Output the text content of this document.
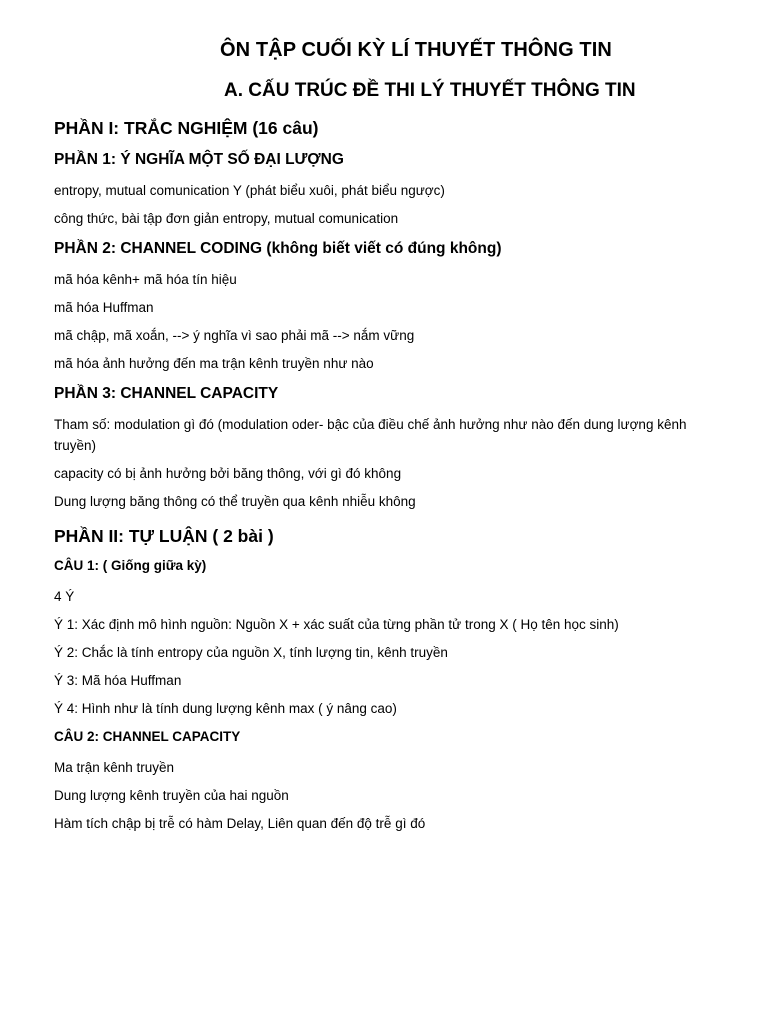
ÔN TẬP CUỐI KỲ LÍ THUYẾT THÔNG TIN
A. CẤU TRÚC ĐỀ THI LÝ THUYẾT THÔNG TIN
PHẦN I: TRẮC NGHIỆM (16 câu)
PHẦN 1: Ý NGHĨA MỘT SỐ ĐẠI LƯỢNG
entropy, mutual comunication Y (phát biểu xuôi, phát biểu ngược)
công thức, bài tập đơn giản entropy, mutual comunication
PHẦN 2: CHANNEL CODING (không biết viết có đúng không)
mã hóa kênh+ mã hóa tín hiệu
mã hóa Huffman
mã chập, mã xoắn, --> ý nghĩa vì sao phải mã --> nắm vững
mã hóa ảnh hưởng đến ma trận kênh truyền như nào
PHẦN 3: CHANNEL CAPACITY
Tham số: modulation gì đó (modulation oder- bậc của điều chế ảnh hưởng như nào đến dung lượng kênh truyền)
capacity có bị ảnh hưởng bởi băng thông, với gì đó không
Dung lượng băng thông có thể truyền qua kênh nhiễu không
PHẦN II: TỰ LUẬN ( 2 bài )
CÂU 1: ( Giống giữa kỳ)
4 Ý
Ý 1: Xác định mô hình nguồn: Nguồn X + xác suất của từng phần tử trong X ( Họ tên học sinh)
Ý 2: Chắc là tính entropy của nguồn X, tính lượng tin, kênh truyền
Ý 3: Mã hóa Huffman
Ý 4: Hình như là tính dung lượng kênh max ( ý nâng cao)
CÂU 2: CHANNEL CAPACITY
Ma trận kênh truyền
Dung lượng kênh truyền của hai nguồn
Hàm tích chập bị trễ có hàm Delay, Liên quan đến độ trễ gì đó
